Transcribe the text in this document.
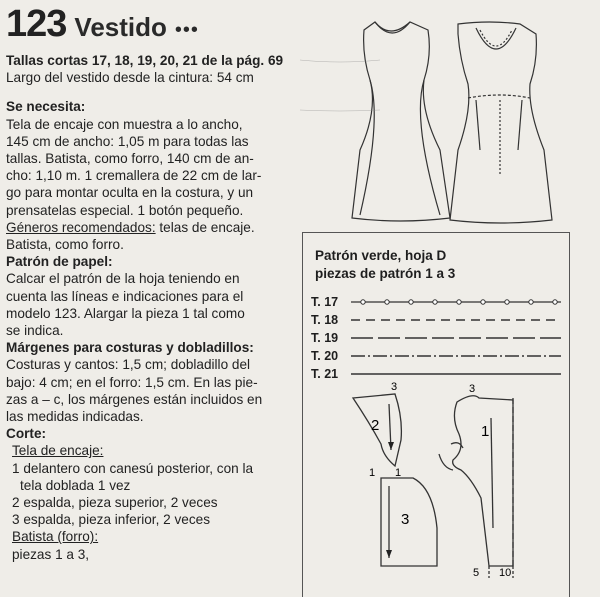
123 Vestido •••
Tallas cortas 17, 18, 19, 20, 21 de la pág. 69
Largo del vestido desde la cintura: 54 cm
Se necesita:
Tela de encaje con muestra a lo ancho,
145 cm de ancho: 1,05 m para todas las
tallas. Batista, como forro, 140 cm de an-
cho: 1,10 m. 1 cremallera de 22 cm de lar-
go para montar oculta en la costura, y un
prensatelas especial. 1 botón pequeño.
Géneros recomendados: telas de encaje.
Batista, como forro.
Patrón de papel:
Calcar el patrón de la hoja teniendo en
cuenta las líneas e indicaciones para el
modelo 123. Alargar la pieza 1 tal como
se indica.
Márgenes para costuras y dobladillos:
Costuras y cantos: 1,5 cm; dobladillo del
bajo: 4 cm; en el forro: 1,5 cm. En las pie-
zas a – c, los márgenes están incluidos en
las medidas indicadas.
Corte:
Tela de encaje:
1 delantero con canesú posterior, con la
tela doblada 1 vez
2 espalda, pieza superior, 2 veces
3 espalda, pieza inferior, 2 veces
Batista (forro):
piezas 1 a 3,
Patrón verde, hoja D
piezas de patrón 1 a 3
T. 17
T. 18
T. 19
T. 20
T. 21
2
3
1
3	3
1 1
5 10
